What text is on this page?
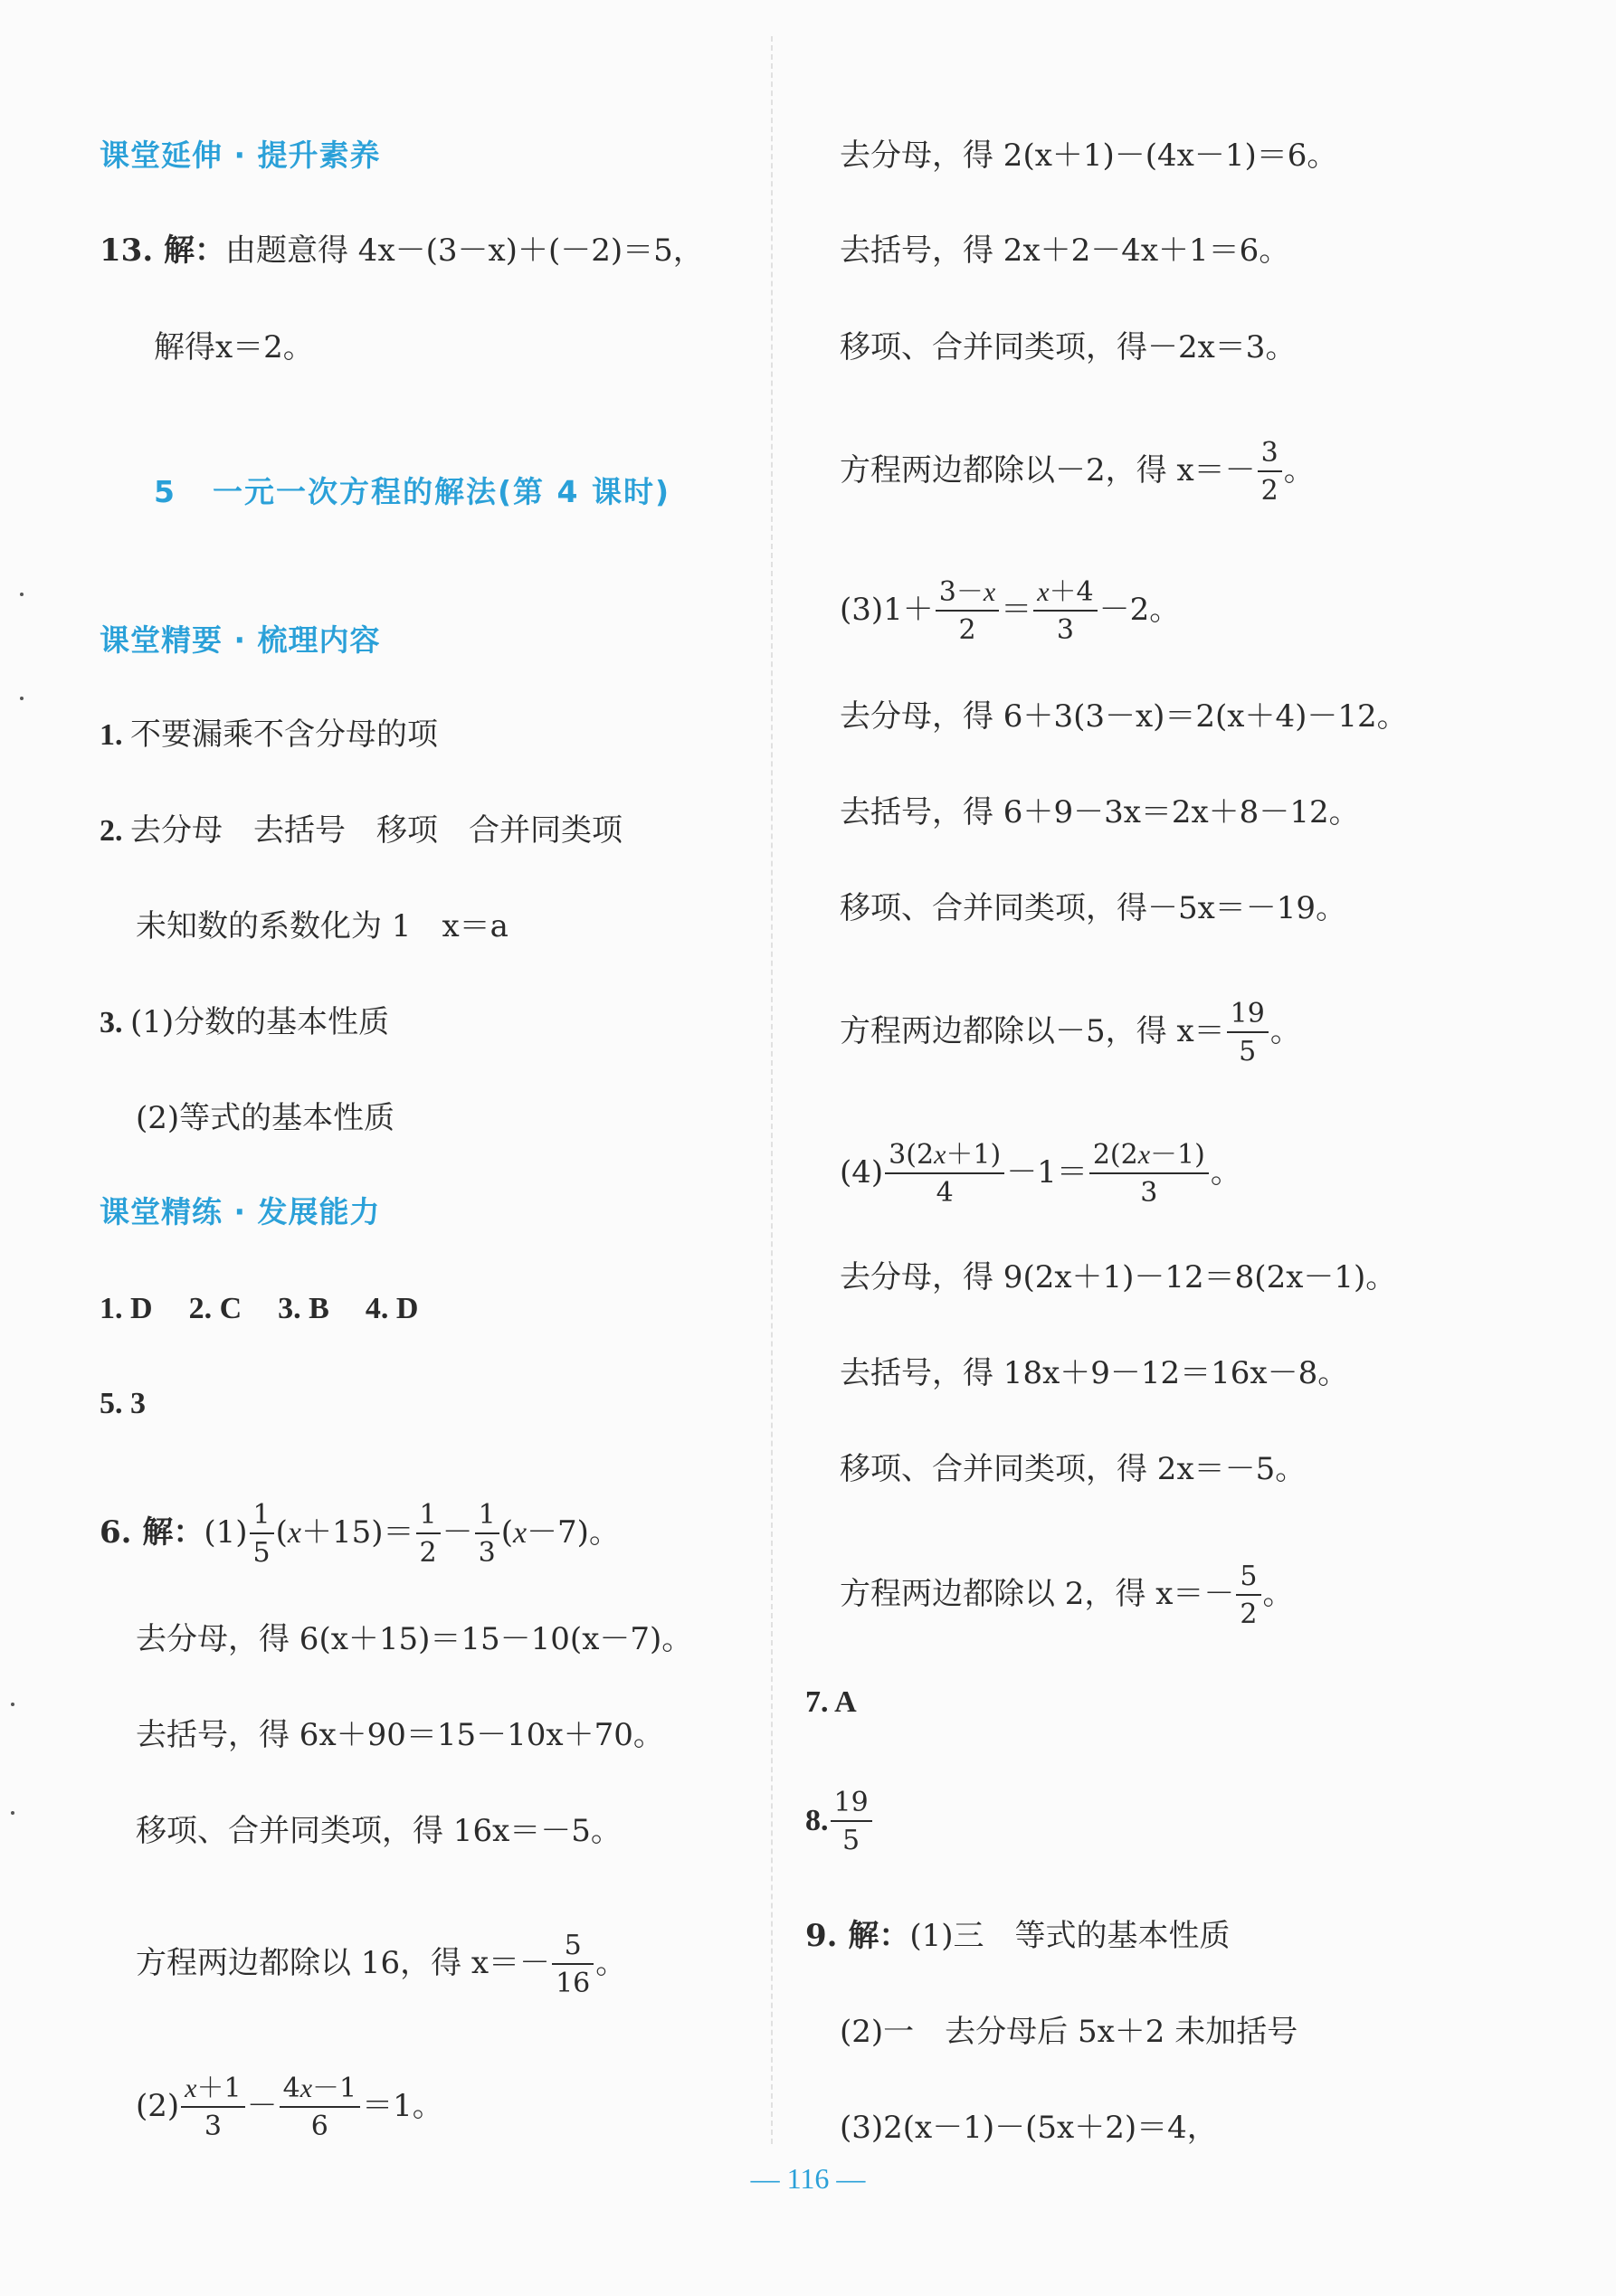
课堂延伸 · 提升素养
13. 解：由题意得 4x－(3－x)＋(－2)＝5，
解得x＝2。
5 一元一次方程的解法(第 4 课时)
课堂精要 · 梳理内容
1. 不要漏乘不含分母的项
2. 去分母　去括号　移项　合并同类项
未知数的系数化为 1　x＝a
3. (1)分数的基本性质
(2)等式的基本性质
课堂精练 · 发展能力
1. D 2. C 3. B 4. D
5. 3
6. 解：$(1) \frac{1}{5} (x+15)= \frac{1}{2} - \frac{1}{3} (x-7)$。
去分母，得 6(x＋15)＝15－10(x－7)。
去括号，得 6x＋90＝15－10x＋70。
移项、合并同类项，得 16x＝－5。
方程两边都除以 16，得 $x=- \frac{5}{16}$ 。
$(2) \frac{x+1}{3} - \frac{4x-1}{6} =1$。
去分母，得 2(x＋1)－(4x－1)＝6。
去括号，得 2x＋2－4x＋1＝6。
移项、合并同类项，得－2x＝3。
方程两边都除以－2，得 $x=- \frac{3}{2}$ 。
$(3)1+ \frac{3-x}{2} = \frac{x+4}{3} -2$。
去分母，得 6＋3(3－x)＝2(x＋4)－12。
去括号，得 6＋9－3x＝2x＋8－12。
移项、合并同类项，得－5x＝－19。
方程两边都除以－5，得 $x= \frac{19}{5}$ 。
$(4) \frac{3(2x+1)}{4} -1= \frac{2(2x-1)}{3}$ 。
去分母，得 9(2x＋1)－12＝8(2x－1)。
去括号，得 18x＋9－12＝16x－8。
移项、合并同类项，得 2x＝－5。
方程两边都除以 2，得 $x=- \frac{5}{2}$ 。
7. A
8. $\frac{19}{5}$
9. 解：(1)三　等式的基本性质
(2)一　去分母后 5x＋2 未加括号
(3)2(x－1)－(5x＋2)＝4，
— 116 —
